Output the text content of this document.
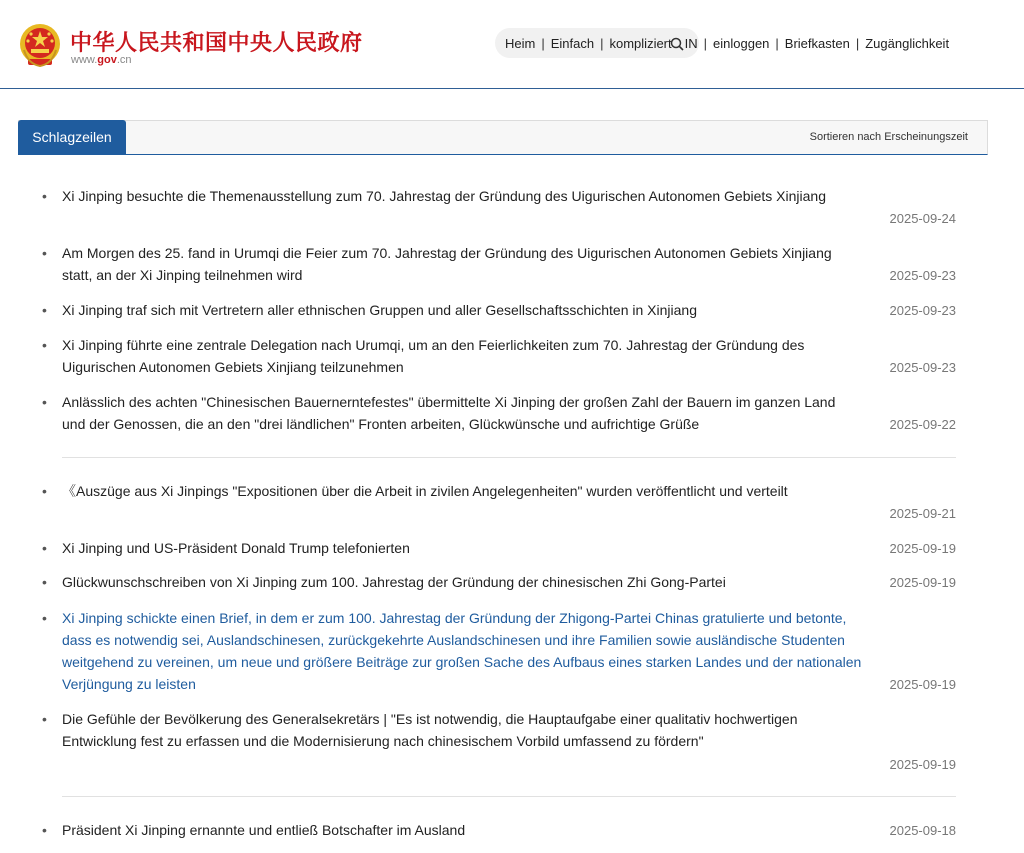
中华人民共和国中央人民政府
www.gov.cn
Heim | Einfach | kompliziert IN | einloggen | Briefkasten | Zugänglichkeit
Schlagzeilen	Sortieren nach Erscheinungszeit
• Xi Jinping besuchte die Themenausstellung zum 70. Jahrestag der Gründung des Uigurischen Autonomen Gebiets Xinjiang
2025-09-24
• Am Morgen des 25. fand in Urumqi die Feier zum 70. Jahrestag der Gründung des Uigurischen Autonomen Gebiets Xinjiang statt, an der Xi Jinping teilnehmen wird	2025-09-23
• Xi Jinping traf sich mit Vertretern aller ethnischen Gruppen und aller Gesellschaftsschichten in Xinjiang	2025-09-23
• Xi Jinping führte eine zentrale Delegation nach Urumqi, um an den Feierlichkeiten zum 70. Jahrestag der Gründung des Uigurischen Autonomen Gebiets Xinjiang teilzunehmen	2025-09-23
• Anlässlich des achten "Chinesischen Bauernerntefestes" übermittelte Xi Jinping der großen Zahl der Bauern im ganzen Land und der Genossen, die an den "drei ländlichen" Fronten arbeiten, Glückwünsche und aufrichtige Grüße	2025-09-22
• 《Auszüge aus Xi Jinpings "Expositionen über die Arbeit in zivilen Angelegenheiten" wurden veröffentlicht und verteilt
2025-09-21
• Xi Jinping und US-Präsident Donald Trump telefonierten	2025-09-19
• Glückwunschschreiben von Xi Jinping zum 100. Jahrestag der Gründung der chinesischen Zhi Gong-Partei	2025-09-19
• Xi Jinping schickte einen Brief, in dem er zum 100. Jahrestag der Gründung der Zhigong-Partei Chinas gratulierte und betonte, dass es notwendig sei, Auslandschinesen, zurückgekehrte Auslandschinesen und ihre Familien sowie ausländische Studenten weitgehend zu vereinen, um neue und größere Beiträge zur großen Sache des Aufbaus eines starken Landes und der nationalen Verjüngung zu leisten	2025-09-19
• Die Gefühle der Bevölkerung des Generalsekretärs | "Es ist notwendig, die Hauptaufgabe einer qualitativ hochwertigen Entwicklung fest zu erfassen und die Modernisierung nach chinesischem Vorbild umfassend zu fördern"
2025-09-19
• Präsident Xi Jinping ernannte und entließ Botschafter im Ausland	2025-09-18
